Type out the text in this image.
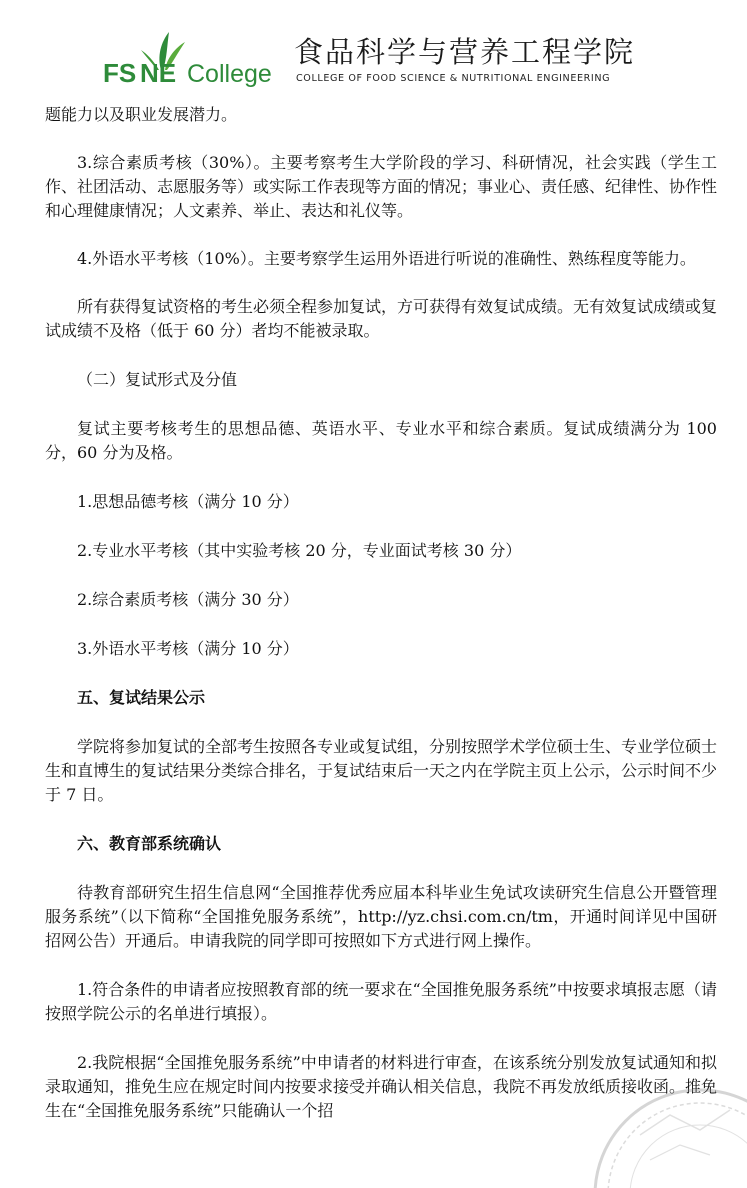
FS NE College
食品科学与营养工程学院
COLLEGE OF FOOD SCIENCE & NUTRITIONAL ENGINEERING

题能力以及职业发展潜力。

3.综合素质考核（30%）。主要考察考生大学阶段的学习、科研情况，社会实践（学生工作、社团活动、志愿服务等）或实际工作表现等方面的情况；事业心、责任感、纪律性、协作性和心理健康情况；人文素养、举止、表达和礼仪等。

4.外语水平考核（10%）。主要考察学生运用外语进行听说的准确性、熟练程度等能力。

所有获得复试资格的考生必须全程参加复试，方可获得有效复试成绩。无有效复试成绩或复试成绩不及格（低于 60 分）者均不能被录取。

（二）复试形式及分值

复试主要考核考生的思想品德、英语水平、专业水平和综合素质。复试成绩满分为 100 分，60 分为及格。

1.思想品德考核（满分 10 分）

2.专业水平考核（其中实验考核 20 分，专业面试考核 30 分）

2.综合素质考核（满分 30 分）

3.外语水平考核（满分 10 分）

五、复试结果公示

学院将参加复试的全部考生按照各专业或复试组，分别按照学术学位硕士生、专业学位硕士生和直博生的复试结果分类综合排名，于复试结束后一天之内在学院主页上公示，公示时间不少于 7 日。

六、教育部系统确认

待教育部研究生招生信息网“全国推荐优秀应届本科毕业生免试攻读研究生信息公开暨管理服务系统”（以下简称“全国推免服务系统”，http://yz.chsi.com.cn/tm，开通时间详见中国研招网公告）开通后。申请我院的同学即可按照如下方式进行网上操作。

1.符合条件的申请者应按照教育部的统一要求在“全国推免服务系统”中按要求填报志愿（请按照学院公示的名单进行填报）。

2.我院根据“全国推免服务系统”中申请者的材料进行审查，在该系统分别发放复试通知和拟录取通知，推免生应在规定时间内按要求接受并确认相关信息，我院不再发放纸质接收函。推免生在“全国推免服务系统”只能确认一个招
